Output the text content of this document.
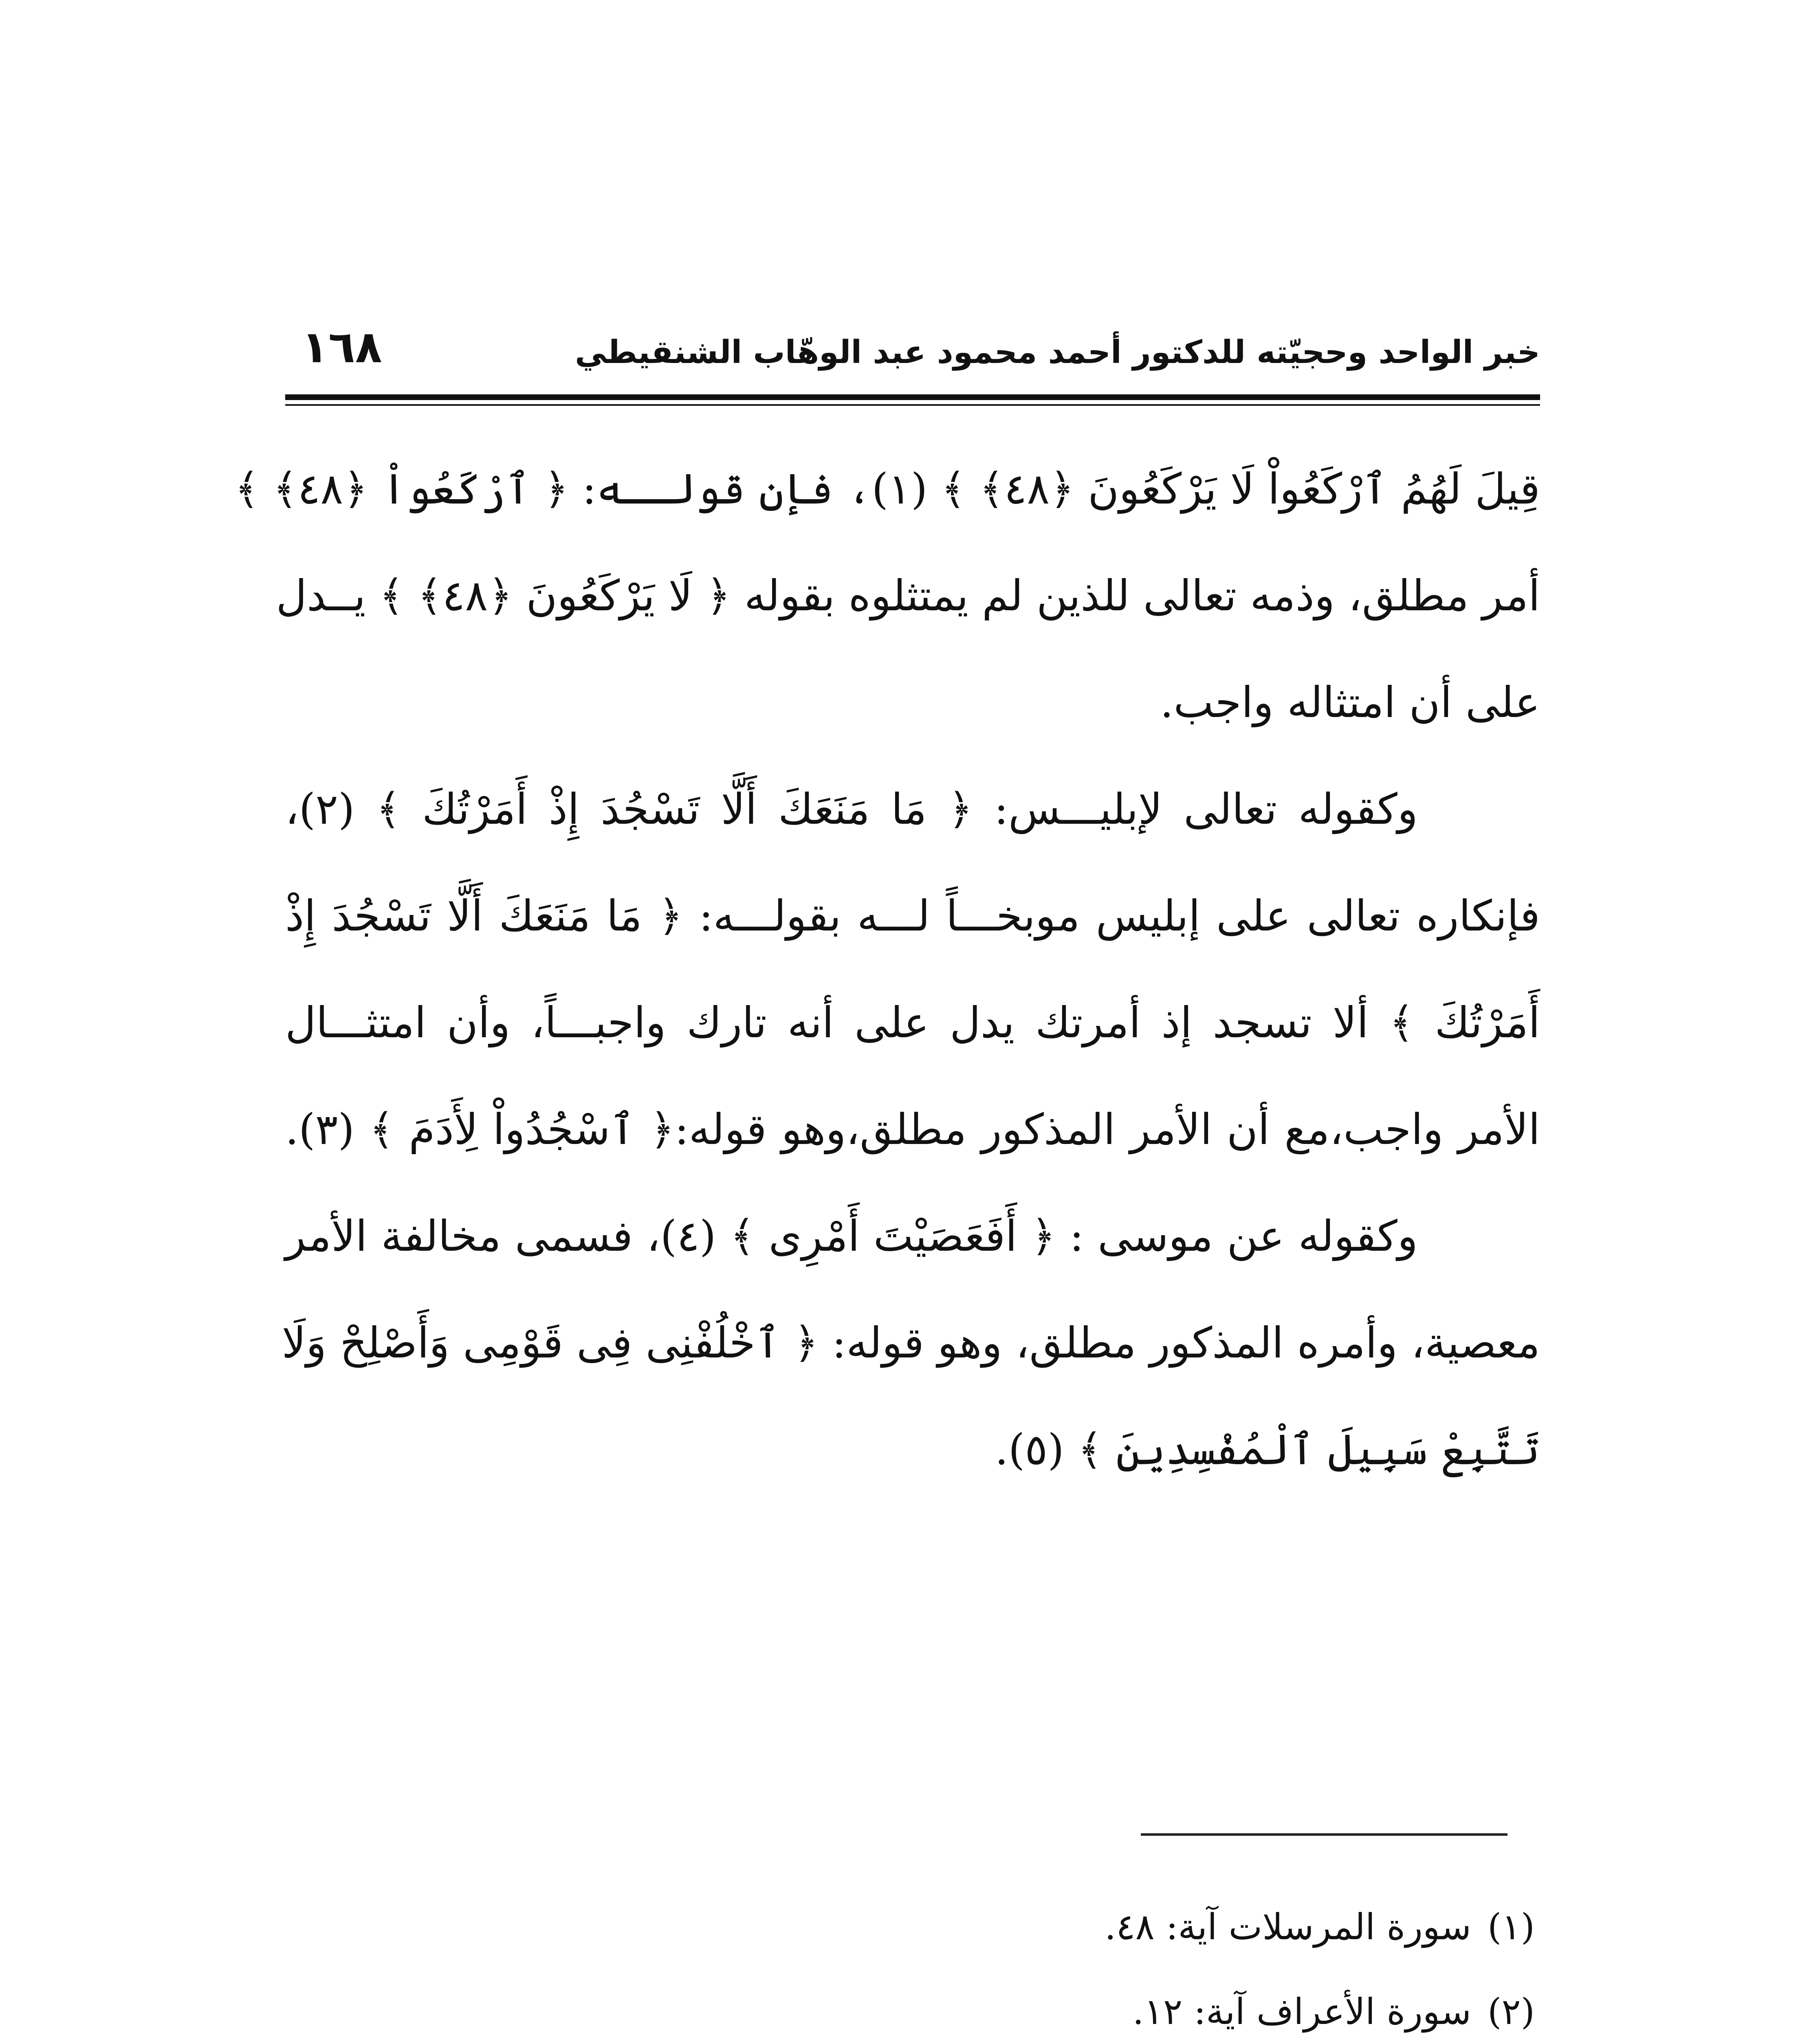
خبر الواحد وحجيّته للدكتور أحمد محمود عبد الوهّاب الشنقيطي
١٦٨
قِيلَ لَهُمُ ٱرْكَعُواْ لَا يَرْكَعُونَ ﴿٤٨﴾ ﴾ (١)، فإن قولــه: ﴿ ٱرْكَعُواْ ﴿٤٨﴾ ﴾
أمر مطلق، وذمه تعالى للذين لم يمتثلوه بقوله ﴿ لَا يَرْكَعُونَ ﴿٤٨﴾ ﴾ يــدل
على أن امتثاله واجب.
وكقوله تعالى لإبليـــس: ﴿ مَا مَنَعَكَ أَلَّا تَسْجُدَ إِذْ أَمَرْتُكَ ﴾ (٢)،
فإنكاره تعالى على إبليس موبخـــاً لـــه بقولـــه: ﴿ مَا مَنَعَكَ أَلَّا تَسْجُدَ إِذْ
أَمَرْتُكَ ﴾ ألا تسجد إذ أمرتك يدل على أنه تارك واجبـــاً، وأن امتثـــال
الأمر واجب،مع أن الأمر المذكور مطلق،وهو قوله:﴿ ٱسْجُدُواْ لِأَدَمَ ﴾ (٣).
وكقوله عن موسى : ﴿ أَفَعَصَيْتَ أَمْرِى ﴾ (٤)، فسمى مخالفة الأمر
معصية، وأمره المذكور مطلق، وهو قوله: ﴿ ٱخْلُفْنِى فِى قَوْمِى وَأَصْلِحْ وَلَا
تَتَّبِعْ سَبِيلَ ٱلْمُفْسِدِينَ ﴾ (٥).
(١)سورة المرسلات آية: ٤٨.
(٢)سورة الأعراف آية: ١٢.
